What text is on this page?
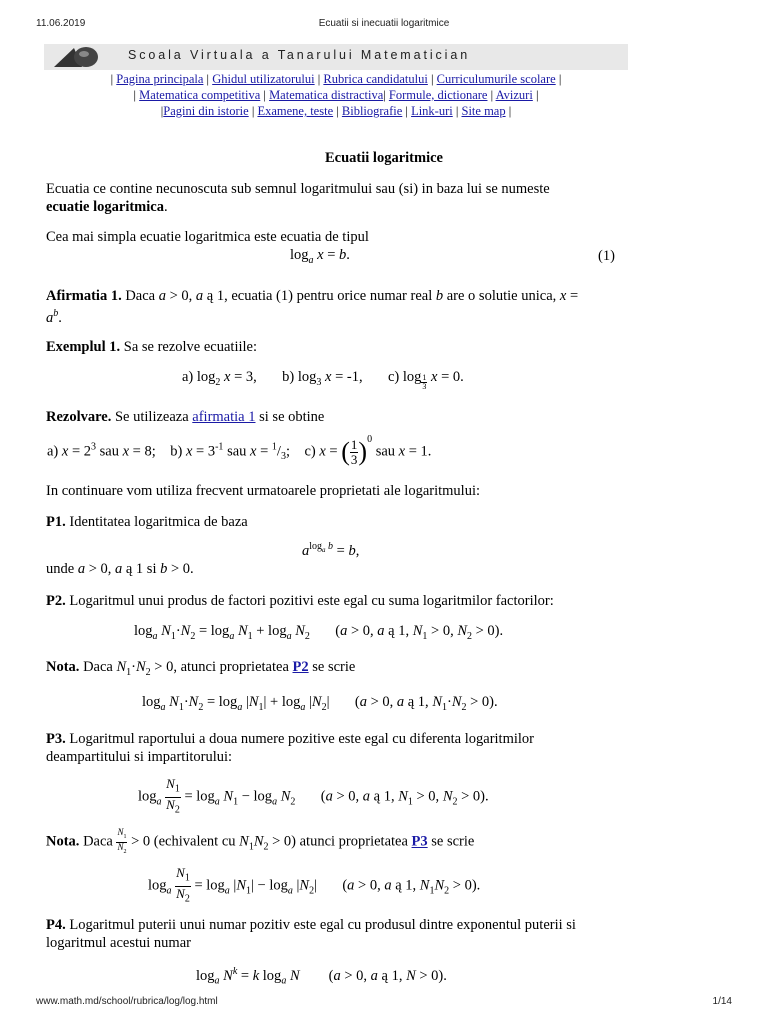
11.06.2019	Ecuatii si inecuatii logaritmice
www.math.md/school/rubrica/log/log.html	1/14
Scoala Virtuala a Tanarului Matematician
| Pagina principala | Ghidul utilizatorului | Rubrica candidatului | Curriculumurile scolare |
| Matematica competitiva | Matematica distractiva| Formule, dictionare | Avizuri |
|Pagini din istorie | Examene, teste | Bibliografie | Link-uri | Site map |
Ecuatii logaritmice
Ecuatia ce contine necunoscuta sub semnul logaritmului sau (si) in baza lui se numeste
ecuatie logaritmica.
Cea mai simpla ecuatie logaritmica este ecuatia de tipul
$\log_a x = b$.	(1)
Afirmatia 1. Daca a > 0, a ą 1, ecuatia (1) pentru orice numar real b are o solutie unica, x =
$a^b$.
Exemplul 1. Sa se rezolve ecuatiile:
a) $\log_2 x = 3$,       b) $\log_3 x = -1$,       c) log $_{\frac{1}{3}}$ x = 0.
Rezolvare. Se utilizeaza afirmatia 1 si se obtine
a) $x = 2^3$ sau x = 8;    b) $x = 3^{-1}$ sau $x = ^1/_3$;    c) x = ( $\frac{1}{3} )^0$ sau x = 1.
In continuare vom utiliza frecvent urmatoarele proprietati ale logaritmului:
P1. Identitatea logaritmica de baza
$a^{log_a b} = b$,
unde a > 0, a ą 1 si b > 0.
P2. Logaritmul unui produs de factori pozitivi este egal cu suma logaritmilor factorilor:
$\log_a N_1\cdot N_2 = \log_a N_1 + \log_a N_2$       (a > 0, a ą 1, $N_1 > 0$, $N_2 > 0$).
Nota. Daca $N_1\cdot N_2 > 0$, atunci proprietatea P2 se scrie
$\log_a N_1\cdot N_2 = \log_a |N_1| + \log_a |N_2|$       (a > 0, a ą 1, $N_1\cdot N_2 > 0$).
P3. Logaritmul raportului a doua numere pozitive este egal cu diferenta logaritmilor
deampartitului si impartitorului:
$\log_a \frac{N_1}{N_2} = \log_a N_1 - \log_a N_2$       (a > 0, a ą 1, $N_1 > 0$, $N_2 > 0$).
Nota. Daca $\frac{N_1}{N_2} > 0$ (echivalent cu $N_1N_2 > 0$) atunci proprietatea P3 se scrie
$\log_a \frac{N_1}{N_2} = \log_a |N_1| - \log_a |N_2|$       (a > 0, a ą 1, $N_1N_2 > 0$).
P4. Logaritmul puterii unui numar pozitiv este egal cu produsul dintre exponentul puterii si
logaritmul acestui numar
$\log_a N^k = k$ $\log_a N$        (a > 0, a ą 1, N > 0).
